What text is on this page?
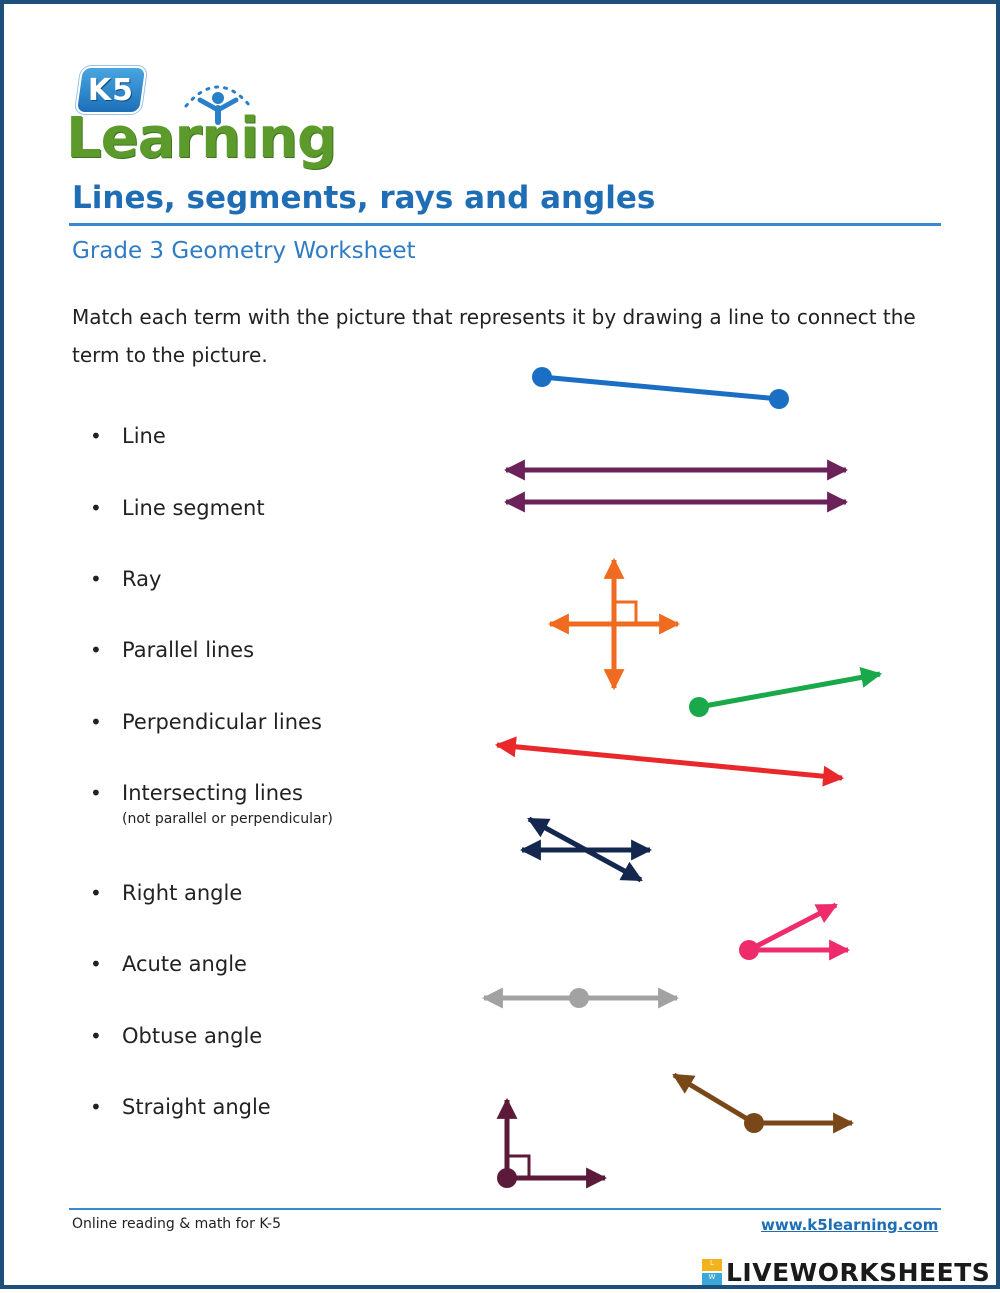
K5
Learning
Lines, segments, rays and angles
Grade 3 Geometry Worksheet
Match each term with the picture that represents it by drawing a line to connect the term to the picture.
• Line
• Line segment
• Ray
• Parallel lines
• Perpendicular lines
• Intersecting lines
(not parallel or perpendicular)
• Right angle
• Acute angle
• Obtuse angle
• Straight angle
Online reading & math for K-5	www.k5learning.com
L
W LIVEWORKSHEETS
